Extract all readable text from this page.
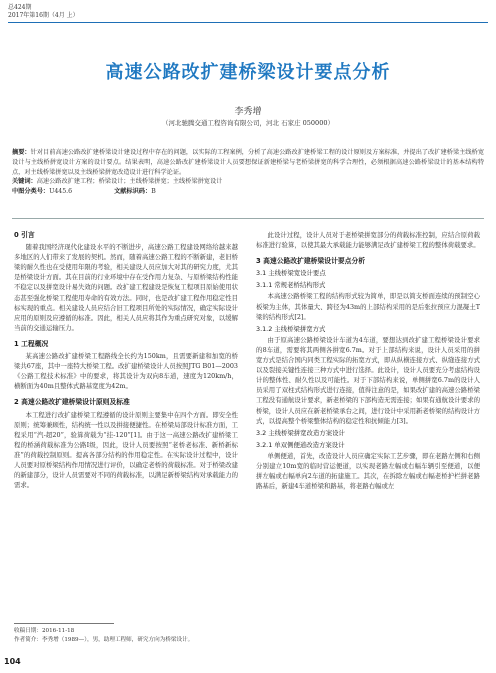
总424期
2017年第16期（4月 上）
高速公路改扩建桥梁设计要点分析
李秀增
（河北驰腾交通工程咨询有限公司，河北 石家庄 050000）
摘要：针对目前高速公路改扩建桥梁设计建设过程中存在的问题，以实际的工程案例，分析了高速公路改扩建桥梁工程的设计原则及方案标准，并提出了改扩建桥梁主线桥宽设计与主线桥拼宽设计方案的设计要点。结果表明，高速公路改扩建桥梁设计人员要想保证新建桥梁与老桥梁拼宽的科学合理性，必须根据高速公路桥梁设计的基本结构特点，对主线桥梁拼宽以及主线桥梁拼宽改造设计进行科学论证。
关键词：高速公路改扩建工程；桥梁设计；主线桥梁拼宽；主线桥梁拼宽设计
中图分类号：U445.6	文献标识码：B
0 引言

随着我国经济现代化建设水平的不断进步，高速公路工程建设网络给越来越多地区的人们带来了发展的契机。然而，随着高速公路工程的不断新建，老旧桥梁的耐久性也在受使用年限的考验，相关建设人员应加大对其的研究力度，尤其是桥梁设计方面。其在目前的行业环境中存在受作用力复杂、与原桥梁结构性能不稳定以及拼宽设计易失效的问题。改扩建工程建设是恢复工程项目原始使用状态甚至强化桥梁工程使用寿命的有效方法。同时，也是改扩建工程作用稳定性目标实现的重点。相关建设人员应结合旧工程项目所处的实际情况，确定实际设计应用的原则及应遵循的标准。因此，相关人员应将其作为重点研究对象，以缓解当前的交通运输压力。

1 工程概况

某高速公路改扩建桥梁工程路线全长约为150km，且需要新建和加宽的桥梁共67座，其中一座特大桥梁工程。改扩建桥梁设计人员按照JTG B01—2003《公路工程技术标准》中的要求，将其设计为双向8车道，速度为120km/h，横断面为40m且整体式路基宽度为42m。

2 高速公路改扩建桥梁设计原则及标准

本工程进行改扩建桥梁工程遵循的设计原则主要集中在四个方面。即安全性原则；统筹兼顾性，结构统一性以及拼接便捷性。在桥梁局部设计标准方面，工程采用“汽-超20”，验算荷载为“挂-120”[1]。由于这一高速公路改扩建桥梁工程的桥涵荷载标准为公路Ⅰ级，因此，设计人员要按照“老桥老标准、新桥新标准”的荷载控制原则。提高各部分结构的作用稳定性。在实际设计过程中，设计人员要对原桥梁结构作用情况进行评价，以确定老桥的荷载标准。对于桥梁改建的新建部分，设计人员需要对不同的荷载标准，以满足新桥梁结构对承载能力的需求。

此设计过程，设计人员对于老桥梁拼宽部分的荷载标准控制，应结合原荷载标准进行验算，以使其最大承载能力能够满足改扩建桥梁工程的整体荷载要求。

3 高速公路改扩建桥梁设计要点分析
3.1 主线桥梁宽设计要点
3.1.1 常规老桥结构形式

本高速公路桥梁工程的结构形式较为简单，即是以简支桥面连续的预制空心板梁为主体，其体量大、跨径为43m的上部结构采用的是后张拉预应力混凝土T梁的结构形式[2]。

3.1.2 主线桥梁拼宽方式

由于原高速公路桥梁设计车道为4车道，要想达到改扩建工程桥梁设计要求的8车道，需要将其两侧各拼宽6.7m。对于上部结构来说，设计人员采用的拼宽方式是结合国内同类工程实际的拓宽方式，即从纵横连接方式、纵缝连接方式以及裂接关键性连接三种方式中进行选择。此设计，设计人员要充分考虑结构设计的整体性、耐久性以及可能性。对于下部结构来说，单侧拼宽6.7m的设计人员采用了双柱式结构形式进行连接，值得注意的是，如果改扩建的高速公路桥梁工程没有通航设计要求，新老桥梁的下部构造无需连接；如果有通航设计要求的桥梁，设计人员应在新老桥梁承台之间，进行设计中采用新老桥梁的结构设计方式，以提高整个桥梁整体结构的稳定性和抗倾能力[3]。

3.2 主线桥梁拼宽改造方案设计
3.2.1 单双侧便道改造方案设计

单侧便道，首先，改造设计人员应确定实际工艺步骤，即在老路左侧和右侧分别建立10m宽的临时营运便道，以实现老路左幅或右幅车辆引至便道，以便拼左幅或右幅单向2车道的拓建施工。其次，在拆除左幅或右幅老桥护栏拼老路路基后，新建4车道桥梁和路基，将老路右幅或左

收稿日期：2016-11-18
作者简介：李秀增（1989—），男，助理工程师，研究方向为桥梁设计。
104
